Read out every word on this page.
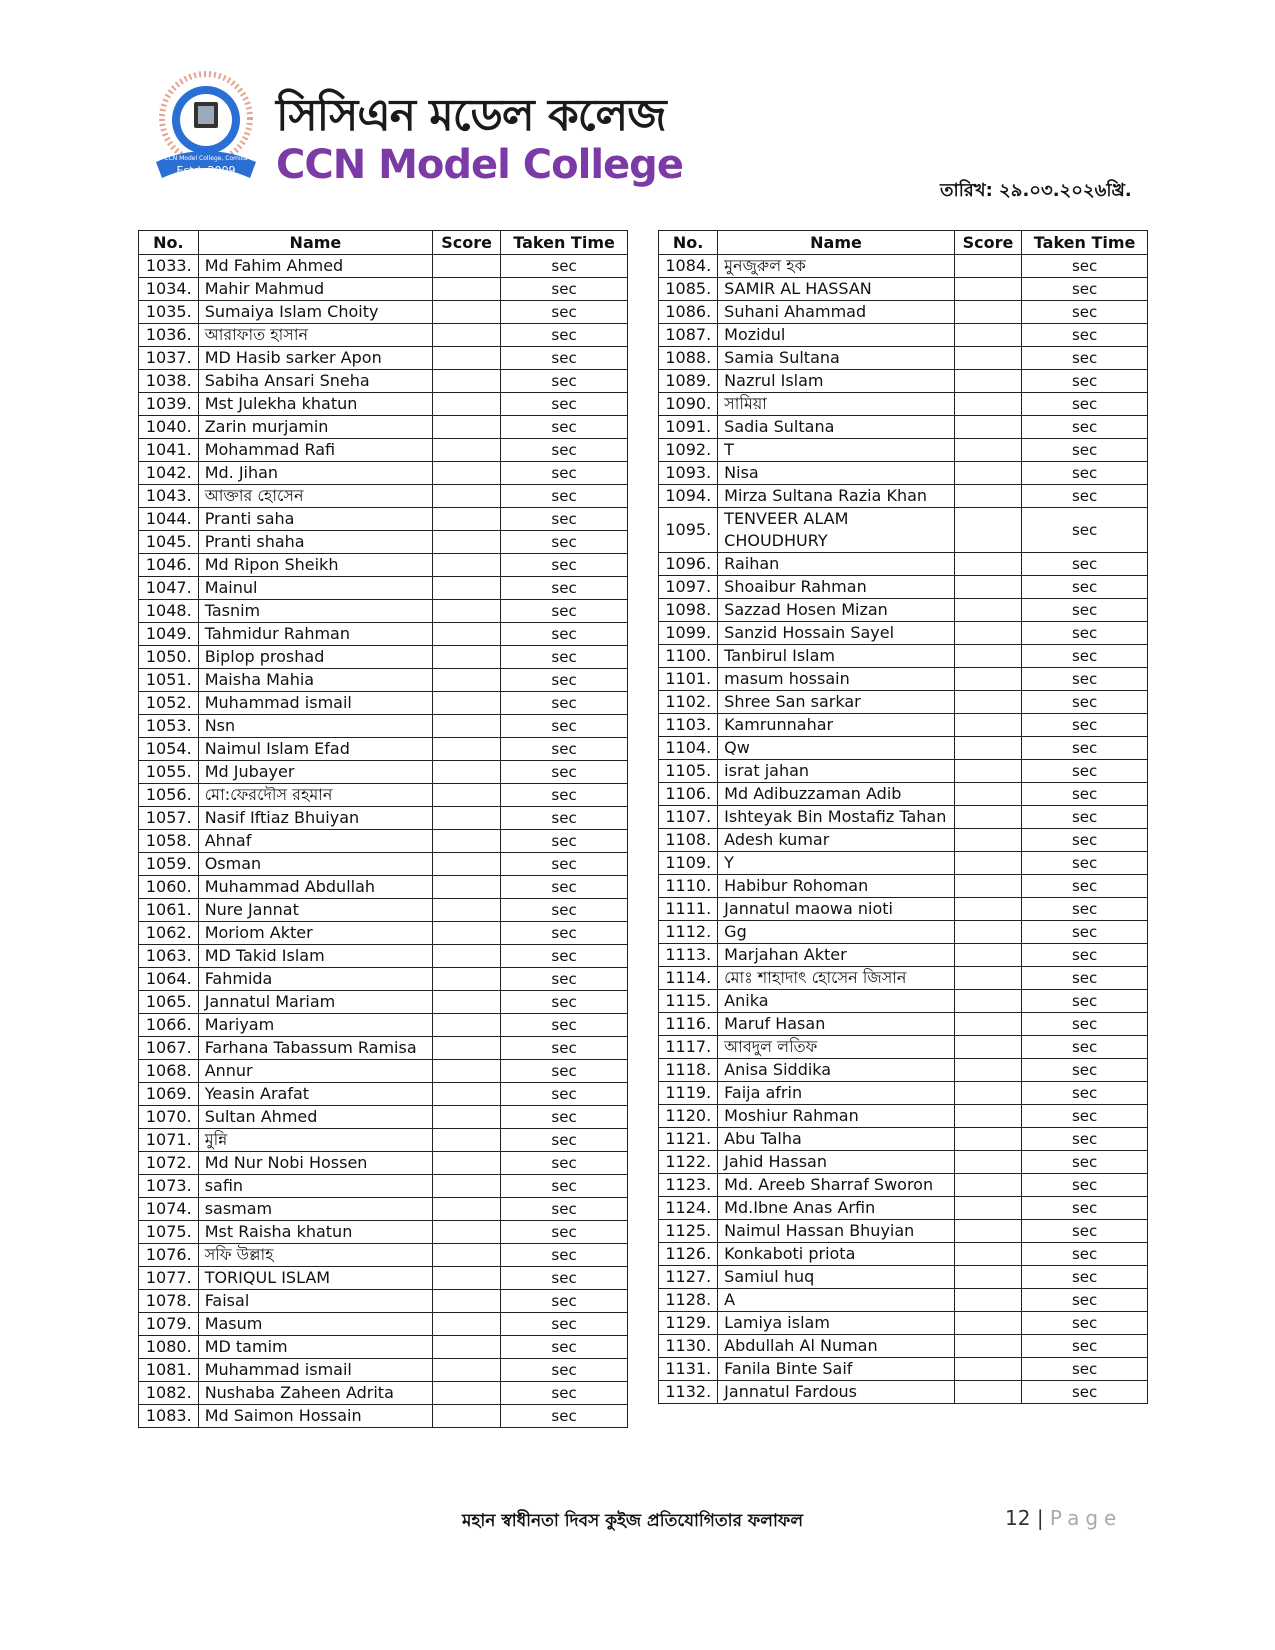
Estd. 2009
CCN Model College, Comilla
সিসিএন মডেল কলেজ
CCN Model College
তারিখ: ২৯.০৩.২০২৬খ্রি.
No.	Name	Score	Taken Time
1033.	Md Fahim Ahmed		sec
1034.	Mahir Mahmud		sec
1035.	Sumaiya Islam Choity		sec
1036.	আরাফাত হাসান		sec
1037.	MD Hasib sarker Apon		sec
1038.	Sabiha Ansari Sneha		sec
1039.	Mst Julekha khatun		sec
1040.	Zarin murjamin		sec
1041.	Mohammad Rafi		sec
1042.	Md. Jihan		sec
1043.	আক্তার হোসেন		sec
1044.	Pranti saha		sec
1045.	Pranti shaha		sec
1046.	Md Ripon Sheikh		sec
1047.	Mainul		sec
1048.	Tasnim		sec
1049.	Tahmidur Rahman		sec
1050.	Biplop proshad		sec
1051.	Maisha Mahia		sec
1052.	Muhammad ismail		sec
1053.	Nsn		sec
1054.	Naimul Islam Efad		sec
1055.	Md Jubayer		sec
1056.	মো:ফেরদৌস রহমান		sec
1057.	Nasif Iftiaz Bhuiyan		sec
1058.	Ahnaf		sec
1059.	Osman		sec
1060.	Muhammad Abdullah		sec
1061.	Nure Jannat		sec
1062.	Moriom Akter		sec
1063.	MD Takid Islam		sec
1064.	Fahmida		sec
1065.	Jannatul Mariam		sec
1066.	Mariyam		sec
1067.	Farhana Tabassum Ramisa		sec
1068.	Annur		sec
1069.	Yeasin Arafat		sec
1070.	Sultan Ahmed		sec
1071.	মুন্নি		sec
1072.	Md Nur Nobi Hossen		sec
1073.	safin		sec
1074.	sasmam		sec
1075.	Mst Raisha khatun		sec
1076.	সফি উল্লাহ		sec
1077.	TORIQUL ISLAM		sec
1078.	Faisal		sec
1079.	Masum		sec
1080.	MD tamim		sec
1081.	Muhammad ismail		sec
1082.	Nushaba Zaheen Adrita		sec
1083.	Md Saimon Hossain		sec
No.	Name	Score	Taken Time
1084.	মুনজুরুল হক		sec
1085.	SAMIR AL HASSAN		sec
1086.	Suhani Ahammad		sec
1087.	Mozidul		sec
1088.	Samia Sultana		sec
1089.	Nazrul Islam		sec
1090.	সামিয়া		sec
1091.	Sadia Sultana		sec
1092.	T		sec
1093.	Nisa		sec
1094.	Mirza Sultana Razia Khan		sec
1095.	TENVEER ALAM CHOUDHURY		sec
1096.	Raihan		sec
1097.	Shoaibur Rahman		sec
1098.	Sazzad Hosen Mizan		sec
1099.	Sanzid Hossain Sayel		sec
1100.	Tanbirul Islam		sec
1101.	masum hossain		sec
1102.	Shree San sarkar		sec
1103.	Kamrunnahar		sec
1104.	Qw		sec
1105.	israt jahan		sec
1106.	Md Adibuzzaman Adib		sec
1107.	Ishteyak Bin Mostafiz Tahan		sec
1108.	Adesh kumar		sec
1109.	Y		sec
1110.	Habibur Rohoman		sec
1111.	Jannatul maowa nioti		sec
1112.	Gg		sec
1113.	Marjahan Akter		sec
1114.	মোঃ শাহাদাৎ হোসেন জিসান		sec
1115.	Anika		sec
1116.	Maruf Hasan		sec
1117.	আবদুল লতিফ		sec
1118.	Anisa Siddika		sec
1119.	Faija afrin		sec
1120.	Moshiur Rahman		sec
1121.	Abu Talha		sec
1122.	Jahid Hassan		sec
1123.	Md. Areeb Sharraf Sworon		sec
1124.	Md.Ibne Anas Arfin		sec
1125.	Naimul Hassan Bhuyian		sec
1126.	Konkaboti priota		sec
1127.	Samiul huq		sec
1128.	A		sec
1129.	Lamiya islam		sec
1130.	Abdullah Al Numan		sec
1131.	Fanila Binte Saif		sec
1132.	Jannatul Fardous		sec
মহান স্বাধীনতা দিবস কুইজ প্রতিযোগিতার ফলাফল	12 | Page
